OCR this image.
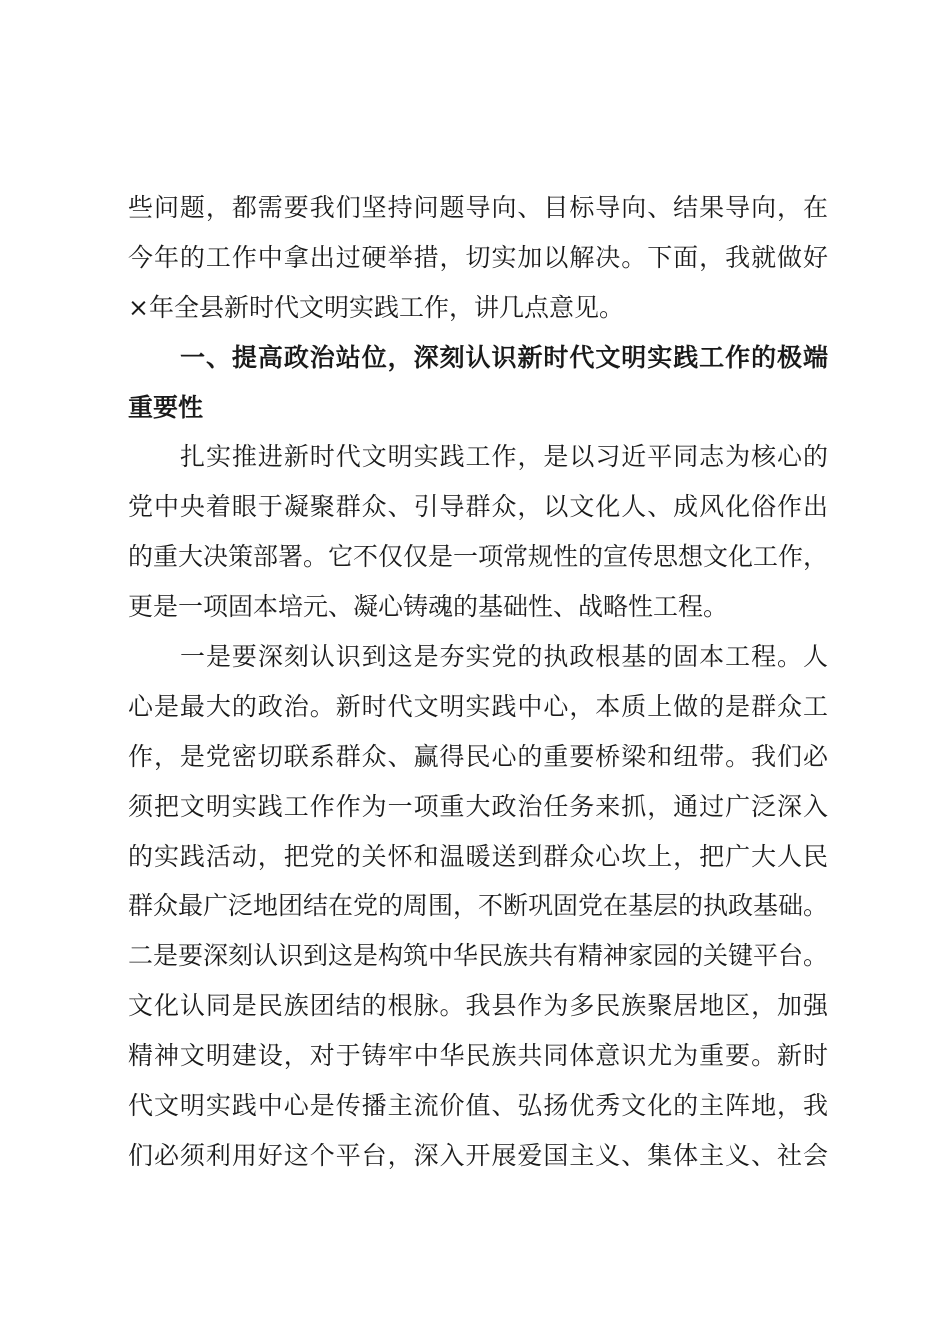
些问题，都需要我们坚持问题导向、目标导向、结果导向，在
今年的工作中拿出过硬举措，切实加以解决。下面，我就做好
×年全县新时代文明实践工作，讲几点意见。
一、提高政治站位，深刻认识新时代文明实践工作的极端
重要性
扎实推进新时代文明实践工作，是以习近平同志为核心的
党中央着眼于凝聚群众、引导群众，以文化人、成风化俗作出
的重大决策部署。它不仅仅是一项常规性的宣传思想文化工作，
更是一项固本培元、凝心铸魂的基础性、战略性工程。
一是要深刻认识到这是夯实党的执政根基的固本工程。人
心是最大的政治。新时代文明实践中心，本质上做的是群众工
作，是党密切联系群众、赢得民心的重要桥梁和纽带。我们必
须把文明实践工作作为一项重大政治任务来抓，通过广泛深入
的实践活动，把党的关怀和温暖送到群众心坎上，把广大人民
群众最广泛地团结在党的周围，不断巩固党在基层的执政基础。
二是要深刻认识到这是构筑中华民族共有精神家园的关键平台。
文化认同是民族团结的根脉。我县作为多民族聚居地区，加强
精神文明建设，对于铸牢中华民族共同体意识尤为重要。新时
代文明实践中心是传播主流价值、弘扬优秀文化的主阵地，我
们必须利用好这个平台，深入开展爱国主义、集体主义、社会
